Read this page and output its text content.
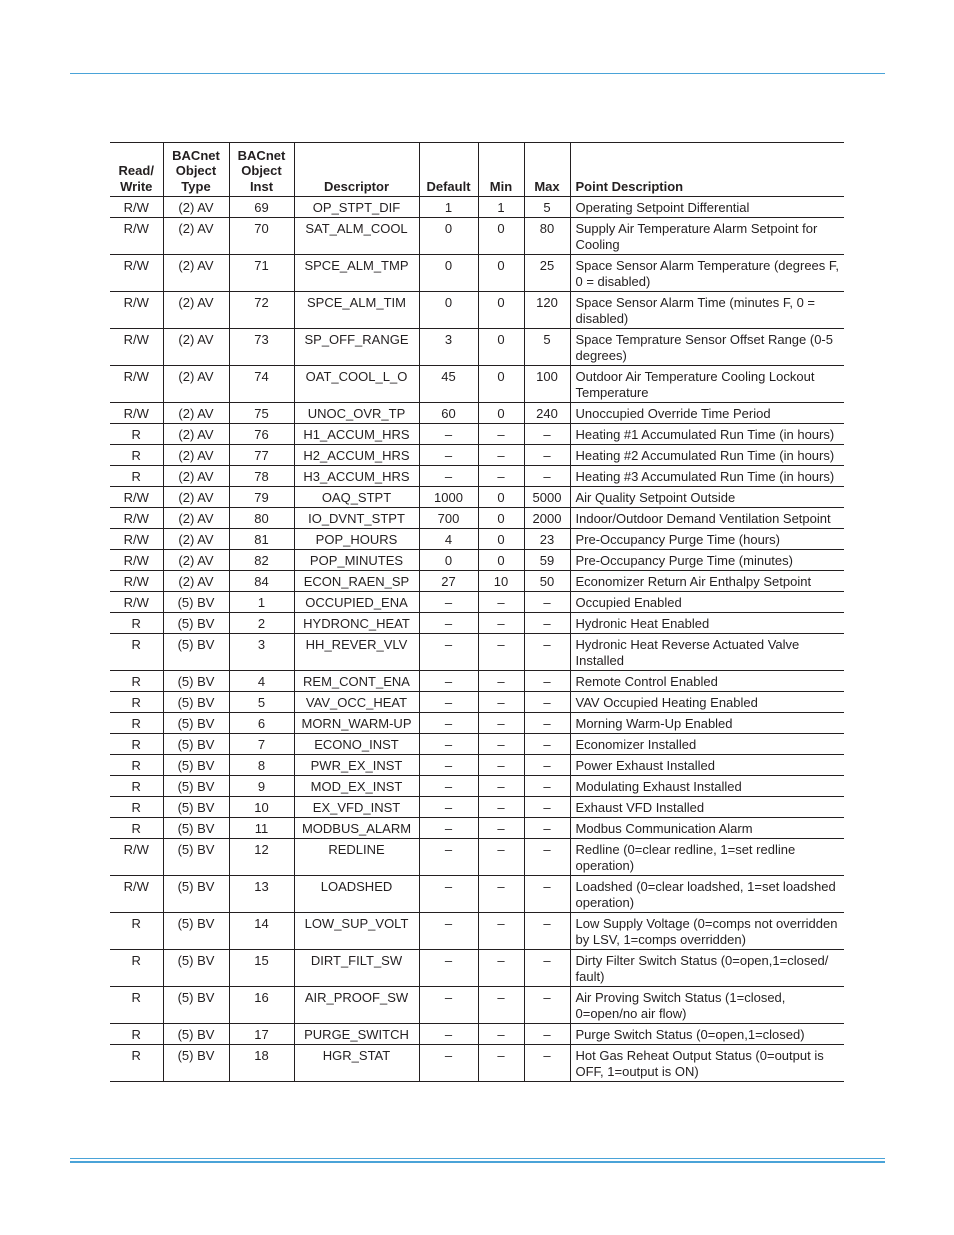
Read/ Write	BACnet Object Type	BACnet Object Inst	Descriptor	Default	Min	Max	Point Description
R/W	(2) AV	69	OP_STPT_DIF	1	1	5	Operating Setpoint Differential
R/W	(2) AV	70	SAT_ALM_COOL	0	0	80	Supply Air Temperature Alarm Setpoint for Cooling
R/W	(2) AV	71	SPCE_ALM_TMP	0	0	25	Space Sensor Alarm Temperature (degrees F, 0 = disabled)
R/W	(2) AV	72	SPCE_ALM_TIM	0	0	120	Space Sensor Alarm Time (minutes F, 0 = disabled)
R/W	(2) AV	73	SP_OFF_RANGE	3	0	5	Space Temprature Sensor Offset Range (0-5 degrees)
R/W	(2) AV	74	OAT_COOL_L_O	45	0	100	Outdoor Air Temperature Cooling Lockout Temperature
R/W	(2) AV	75	UNOC_OVR_TP	60	0	240	Unoccupied Override Time Period
R	(2) AV	76	H1_ACCUM_HRS	–	–	–	Heating #1 Accumulated Run Time (in hours)
R	(2) AV	77	H2_ACCUM_HRS	–	–	–	Heating #2 Accumulated Run Time (in hours)
R	(2) AV	78	H3_ACCUM_HRS	–	–	–	Heating #3 Accumulated Run Time (in hours)
R/W	(2) AV	79	OAQ_STPT	1000	0	5000	Air Quality Setpoint Outside
R/W	(2) AV	80	IO_DVNT_STPT	700	0	2000	Indoor/Outdoor Demand Ventilation Setpoint
R/W	(2) AV	81	POP_HOURS	4	0	23	Pre-Occupancy Purge Time (hours)
R/W	(2) AV	82	POP_MINUTES	0	0	59	Pre-Occupancy Purge Time (minutes)
R/W	(2) AV	84	ECON_RAEN_SP	27	10	50	Economizer Return Air Enthalpy Setpoint
R/W	(5) BV	1	OCCUPIED_ENA	–	–	–	Occupied Enabled
R	(5) BV	2	HYDRONC_HEAT	–	–	–	Hydronic Heat Enabled
R	(5) BV	3	HH_REVER_VLV	–	–	–	Hydronic Heat Reverse Actuated Valve Installed
R	(5) BV	4	REM_CONT_ENA	–	–	–	Remote Control Enabled
R	(5) BV	5	VAV_OCC_HEAT	–	–	–	VAV Occupied Heating Enabled
R	(5) BV	6	MORN_WARM-UP	–	–	–	Morning Warm-Up Enabled
R	(5) BV	7	ECONO_INST	–	–	–	Economizer Installed
R	(5) BV	8	PWR_EX_INST	–	–	–	Power Exhaust Installed
R	(5) BV	9	MOD_EX_INST	–	–	–	Modulating Exhaust Installed
R	(5) BV	10	EX_VFD_INST	–	–	–	Exhaust VFD Installed
R	(5) BV	11	MODBUS_ALARM	–	–	–	Modbus Communication Alarm
R/W	(5) BV	12	REDLINE	–	–	–	Redline (0=clear redline, 1=set redline operation)
R/W	(5) BV	13	LOADSHED	–	–	–	Loadshed (0=clear loadshed, 1=set loadshed operation)
R	(5) BV	14	LOW_SUP_VOLT	–	–	–	Low Supply Voltage (0=comps not overridden by LSV, 1=comps overridden)
R	(5) BV	15	DIRT_FILT_SW	–	–	–	Dirty Filter Switch Status (0=open,1=closed/ fault)
R	(5) BV	16	AIR_PROOF_SW	–	–	–	Air Proving Switch Status (1=closed, 0=open/no air flow)
R	(5) BV	17	PURGE_SWITCH	–	–	–	Purge Switch Status (0=open,1=closed)
R	(5) BV	18	HGR_STAT	–	–	–	Hot Gas Reheat Output Status (0=output is OFF, 1=output is ON)
